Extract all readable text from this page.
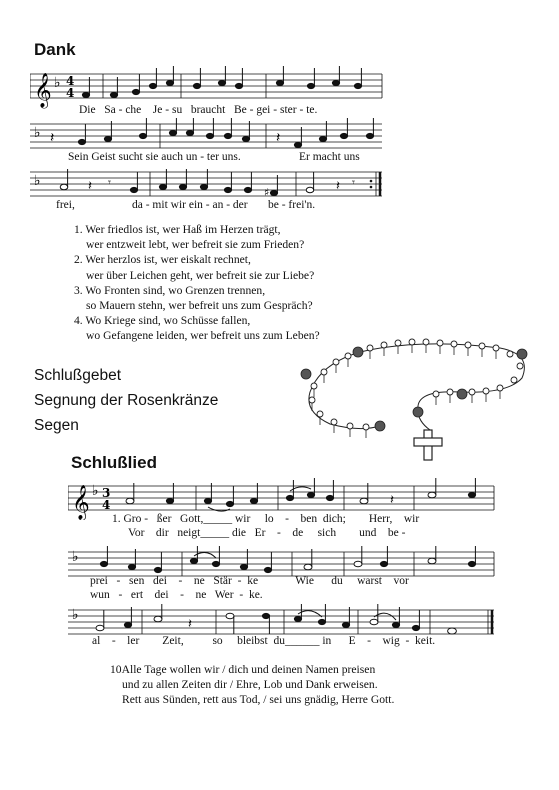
Dank
𝄞 ♭ 4
4
Die Sa - che Je - su braucht Be - gei - ster - te.
♭ 𝄽	𝄽
Sein Geist sucht sie auch un - ter uns.	Er macht uns
♭	𝄽 𝄾
♯	𝄽 𝄾
frei,	da - mit wir ein - an - der be - frei'n.
1. Wer friedlos ist, wer Haß im Herzen trägt,
wer entzweit lebt, wer befreit sie zum Frieden?
2. Wer herzlos ist, wer eiskalt rechnet,
wer über Leichen geht, wer befreit sie zur Liebe?
3. Wo Fronten sind, wo Grenzen trennen,
so Mauern stehn, wer befreit uns zum Gespräch?
4. Wo Kriege sind, wo Schüsse fallen,
wo Gefangene leiden, wer befreit uns zum Leben?
Schlußgebet
Segnung der Rosenkränze
Segen
Schlußlied
𝄞 ♭ 3
4	𝄽
1. Gro - ßer Gott,_____ wir lo - ben dich; Herr, wir
Vor dir neigt_____ die Er - de sich und be -
♭
prei - sen dei - ne Stär - ke	Wie du warst vor
wun - ert dei - ne Wer - ke.
♭
𝄽
al - ler Zeit,	so bleibst du______ in E - wig - keit.
10Alle Tage wollen wir / dich und deinen Namen preisen
und zu allen Zeiten dir / Ehre, Lob und Dank erweisen.
Rett aus Sünden, rett aus Tod, / sei uns gnädig, Herre Gott.
